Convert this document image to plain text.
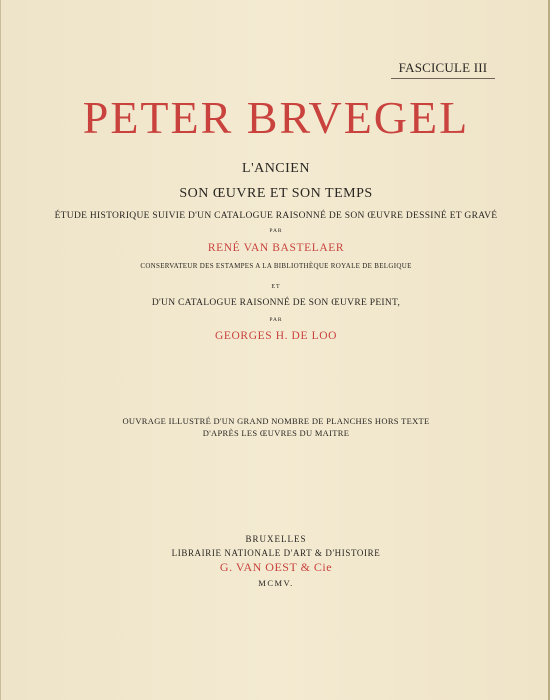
FASCICULE III
PETER BRVEGEL
L'ANCIEN
SON ŒUVRE ET SON TEMPS
ÉTUDE HISTORIQUE SUIVIE D'UN CATALOGUE RAISONNÉ DE SON ŒUVRE DESSINÉ ET GRAVÉ
PAR
RENÉ VAN BASTELAER
CONSERVATEUR DES ESTAMPES A LA BIBLIOTHÈQUE ROYALE DE BELGIQUE
ET
D'UN CATALOGUE RAISONNÉ DE SON ŒUVRE PEINT,
PAR
GEORGES H. DE LOO
OUVRAGE ILLUSTRÉ D'UN GRAND NOMBRE DE PLANCHES HORS TEXTE
D'APRÈS LES ŒUVRES DU MAITRE
BRUXELLES
LIBRAIRIE NATIONALE D'ART & D'HISTOIRE
G. VAN OEST & Cie
MCMV.
